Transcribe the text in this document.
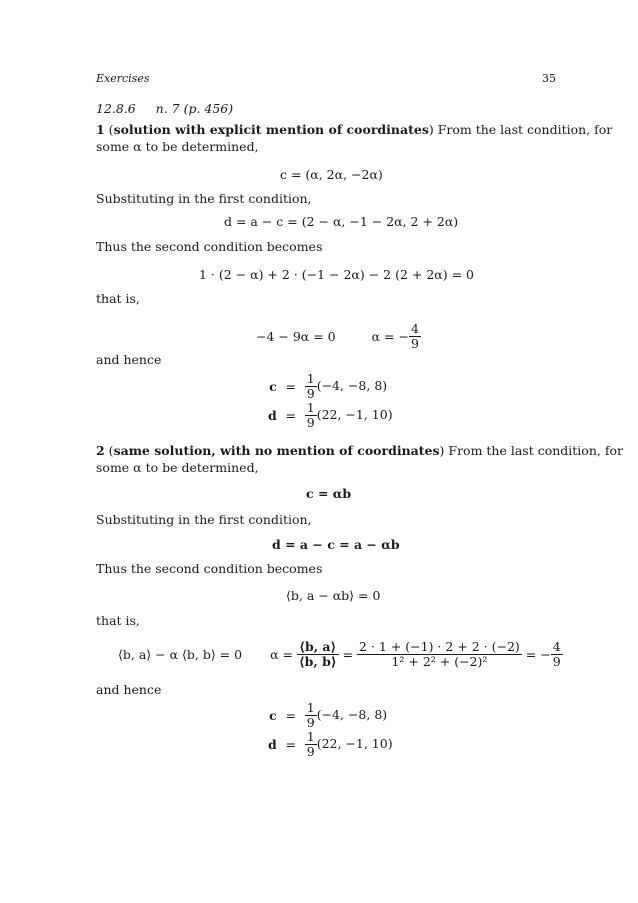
Exercises	35
12.8.6 n. 7 (p. 456)
1 (solution with explicit mention of coordinates) From the last condition, for
some α to be determined,
c = (α, 2α, −2α)
Substituting in the first condition,
d = a − c = (2 − α, −1 − 2α, 2 + 2α)
Thus the second condition becomes
1 · (2 − α) + 2 · (−1 − 2α) − 2 (2 + 2α) = 0
that is,
−4 − 9α = 0	α = − $\frac{4}{9}$
and hence
$c = \frac{1}{9} (-4$, −8, 8)
$d = \frac{1}{9} (22$, −1, 10)
2 (same solution, with no mention of coordinates) From the last condition, for
some α to be determined,
c = αb
Substituting in the first condition,
d = a − c = a − αb
Thus the second condition becomes
⟨b, a − αb⟩ = 0
that is,
⟨b, a⟩ − α ⟨b, b⟩ = 0 α =
$\frac{⟨b, a⟩}{⟨b, b⟩}$
=
$\frac{2 \cdot 1 + (-1) \cdot 2 + 2 \cdot (-2)}{\text{1² + 2² + (−2)²}}$
= − $\frac{4}{9}$
and hence
$c = \frac{1}{9} (-4$, −8, 8)
$d = \frac{1}{9} (22$, −1, 10)
